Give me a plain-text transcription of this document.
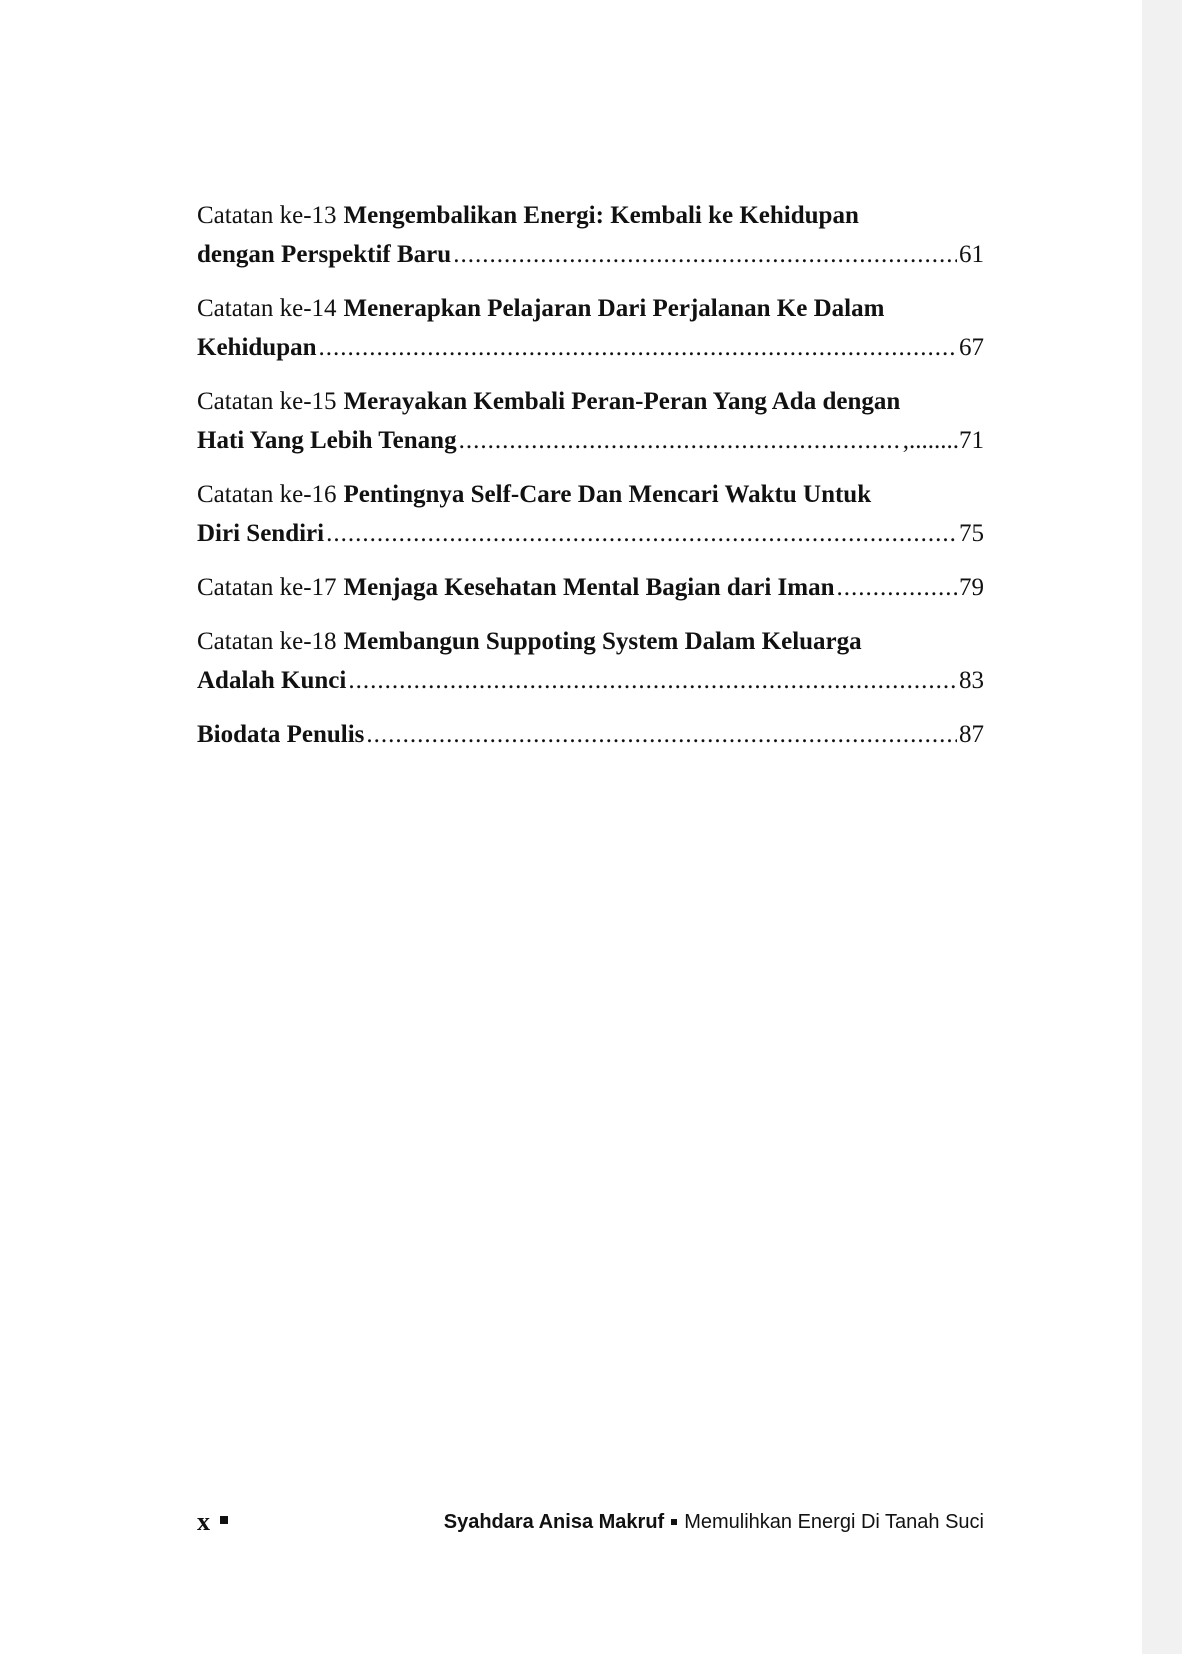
Catatan ke-13 Mengembalikan Energi: Kembali ke Kehidupan
dengan Perspektif Baru .....	61
Catatan ke-14 Menerapkan Pelajaran Dari Perjalanan Ke Dalam
Kehidupan .....	67
Catatan ke-15 Merayakan Kembali Peran-Peran Yang Ada dengan
Hati Yang Lebih Tenang .....	,........71
Catatan ke-16 Pentingnya Self-Care Dan Mencari Waktu Untuk
Diri Sendiri .....	75
Catatan ke-17 Menjaga Kesehatan Mental Bagian dari Iman .....	79
Catatan ke-18 Membangun Suppoting System Dalam Keluarga
Adalah Kunci .....	83
Biodata Penulis .....	87
x	Syahdara Anisa Makruf Memulihkan Energi Di Tanah Suci
